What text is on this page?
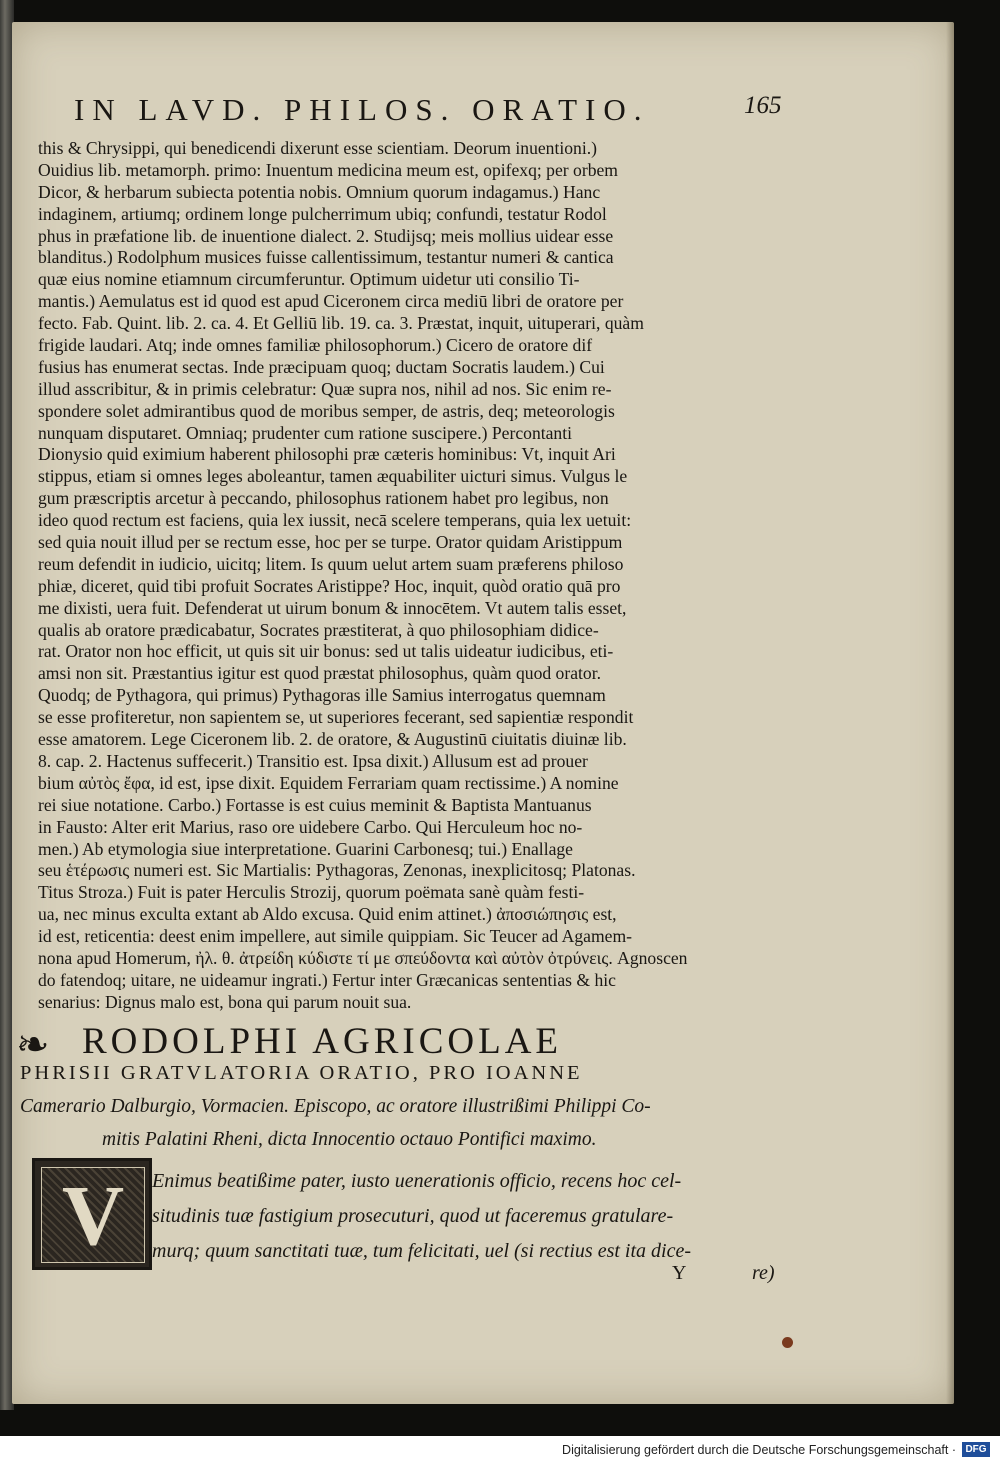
IN LAVD. PHILOS. ORATIO.	165
this & Chrysippi, qui benedicendi dixerunt esse scientiam. Deorum inuentioni.)
Ouidius lib. metamorph. primo: Inuentum medicina meum est, opifexq; per orbem
Dicor, & herbarum subiecta potentia nobis. Omnium quorum indagamus.) Hanc
indaginem, artiumq; ordinem longe pulcherrimum ubiq; confundi, testatur Rodol
phus in præfatione lib. de inuentione dialect. 2. Studijsq; meis mollius uidear esse
blanditus.) Rodolphum musices fuisse callentissimum, testantur numeri & cantica
quæ eius nomine etiamnum circumferuntur. Optimum uidetur uti consilio Ti-
mantis.) Aemulatus est id quod est apud Ciceronem circa mediū libri de oratore per
fecto. Fab. Quint. lib. 2. ca. 4. Et Gelliū lib. 19. ca. 3. Præstat, inquit, uituperari, quàm
frigide laudari. Atq; inde omnes familiæ philosophorum.) Cicero de oratore dif
fusius has enumerat sectas. Inde præcipuam quoq; ductam Socratis laudem.) Cui
illud asscribitur, & in primis celebratur: Quæ supra nos, nihil ad nos. Sic enim re-
spondere solet admirantibus quod de moribus semper, de astris, deq; meteorologis
nunquam disputaret. Omniaq; prudenter cum ratione suscipere.) Percontanti
Dionysio quid eximium haberent philosophi præ cæteris hominibus: Vt, inquit Ari
stippus, etiam si omnes leges aboleantur, tamen æquabiliter uicturi simus. Vulgus le
gum præscriptis arcetur à peccando, philosophus rationem habet pro legibus, non
ideo quod rectum est faciens, quia lex iussit, necā scelere temperans, quia lex uetuit:
sed quia nouit illud per se rectum esse, hoc per se turpe. Orator quidam Aristippum
reum defendit in iudicio, uicitq; litem. Is quum uelut artem suam præferens philoso
phiæ, diceret, quid tibi profuit Socrates Aristippe? Hoc, inquit, quòd oratio quā pro
me dixisti, uera fuit. Defenderat ut uirum bonum & innocētem. Vt autem talis esset,
qualis ab oratore prædicabatur, Socrates præstiterat, à quo philosophiam didice-
rat. Orator non hoc efficit, ut quis sit uir bonus: sed ut talis uideatur iudicibus, eti-
amsi non sit. Præstantius igitur est quod præstat philosophus, quàm quod orator.
Quodq; de Pythagora, qui primus) Pythagoras ille Samius interrogatus quemnam
se esse profiteretur, non sapientem se, ut superiores fecerant, sed sapientiæ respondit
esse amatorem. Lege Ciceronem lib. 2. de oratore, & Augustinū ciuitatis diuinæ lib.
8. cap. 2. Hactenus suffecerit.) Transitio est. Ipsa dixit.) Allusum est ad prouer
bium αὐτὸς ἔφα, id est, ipse dixit. Equidem Ferrariam quam rectissime.) A nomine
rei siue notatione. Carbo.) Fortasse is est cuius meminit & Baptista Mantuanus
in Fausto: Alter erit Marius, raso ore uidebere Carbo. Qui Herculeum hoc no-
men.) Ab etymologia siue interpretatione. Guarini Carbonesq; tui.) Enallage
seu ἑτέρωσις numeri est. Sic Martialis: Pythagoras, Zenonas, inexplicitosq; Platonas.
Titus Stroza.) Fuit is pater Herculis Strozij, quorum poëmata sanè quàm festi-
ua, nec minus exculta extant ab Aldo excusa. Quid enim attinet.) ἀποσιώπησις est,
id est, reticentia: deest enim impellere, aut simile quippiam. Sic Teucer ad Agamem-
nona apud Homerum, ἠλ. θ. ἀτρείδη κύδιστε τί με σπεύδοντα καὶ αὐτὸν ὀτρύνεις. Agnoscen
do fatendoq; uitare, ne uideamur ingrati.) Fertur inter Græcanicas sententias & hic
senarius: Dignus malo est, bona qui parum nouit sua.
❧ RODOLPHI AGRICOLAE
PHRISII GRATVLATORIA ORATIO, PRO IOANNE
Camerario Dalburgio, Vormacien. Episcopo, ac oratore illustrißimi Philippi Co-
mitis Palatini Rheni, dicta Innocentio octauo Pontifici maximo.
V	Enimus beatißime pater, iusto uenerationis officio, recens hoc cel-
situdinis tuæ fastigium prosecuturi, quod ut faceremus gratulare-
murq; quum sanctitati tuæ, tum felicitati, uel (si rectius est ita dice-
Y	re)
Digitalisierung gefördert durch die Deutsche Forschungsgemeinschaft · DFG
